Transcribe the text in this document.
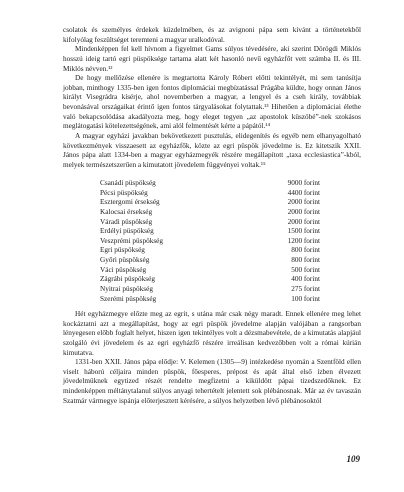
csolatok és személyes érdekek küzdelmében, és az avignoni pápa sem kívánt a történetekből kifolyólag feszültséget teremteni a magyar uralkodóval.

Mindenképpen fel kell hívnom a figyelmet Gams súlyos tévedésére, aki szerint Dörögdi Miklós hosszú ideig tartó egri püspöksége tartama alatt két hasonló nevű egyházfőt vett számba II. és III. Miklós névven.¹²

De hogy mellőzése ellenére is megtartotta Károly Róbert előtti tekintélyét, mi sem tanúsítja jobban, minthogy 1335-ben igen fontos diplomáciai megbízatással Prágába küldte, hogy onnan János királyt Visegrádra kísérje, ahol novemberben a magyar, a lengyel és a cseh király, továbbiak bevonásával országaikat érintő igen fontos tárgyalásokat folytattak.¹³ Hihetően a diplomáciai élethe való bekapcsolódása akadályozta meg, hogy eleget tegyen „az apostolok küszöbé”-nek szokásos meglátogatási kötelezettségének, ami alól felmentését kérte a pápától.¹⁴

A magyar egyházi javakban bekövetkezett pusztulás, elidegenítés és egyéb nem elhanyagolható következmények visszaesett az egyházfők, közte az egri püspök jövedelme is. Ez kitetszik XXII. János pápa alatt 1334-ben a magyar egyházmegyék részére megállapított „taxa ecclesiastica”-kból, melyek természetszerűen a kimutatott jövedelem függvényei voltak.¹⁵

Csanádi püspökség	9000 forint
Pécsi püspökség	4400 forint
Esztergomi érsekség	2000 forint
Kalocsai érsekség	2000 forint
Váradi püspökség	2000 forint
Erdélyi püspökség	1500 forint
Veszprémi püspökség	1200 forint
Egri püspökség	800 forint
Győri püspökség	800 forint
Váci püspökség	500 forint
Zágrábi püspökség	400 forint
Nyitrai püspökség	275 forint
Szerémi püspökség	100 forint

Hét egyházmegye előzte meg az egrit, s utána már csak négy maradt. Ennek ellenére meg lehet kockáztatni azt a megállapítást, hogy az egri püspök jövedelme alapján valójában a rangsorban lényegesen előbb foglalt helyet, hiszen igen tekintélyes volt a dézsmabevétele, de a kimutatás alapjául szolgáló évi jövedelem és az egri egyházfő részére irreálisan kedvezőbben volt a római kúrián kimutatva.

1331-ben XXII. János pápa elődje: V. Kelemen (1305—9) intézkedése nyomán a Szentföld ellen viselt háború céljaira minden püspök, főesperes, prépost és apát által első ízben élvezett jövedelmüknek egytized részét rendelte megfizetni a kiküldött pápai tizedszedőknek. Ez mindenképpen méltánytalanul súlyos anyagi tehertételt jelentett sok plébánosnak. Már az év tavaszán Szatmár vármegye ispánja előterjesztett kérésére, a súlyos helyzetben lévő plébánosoktól

109
